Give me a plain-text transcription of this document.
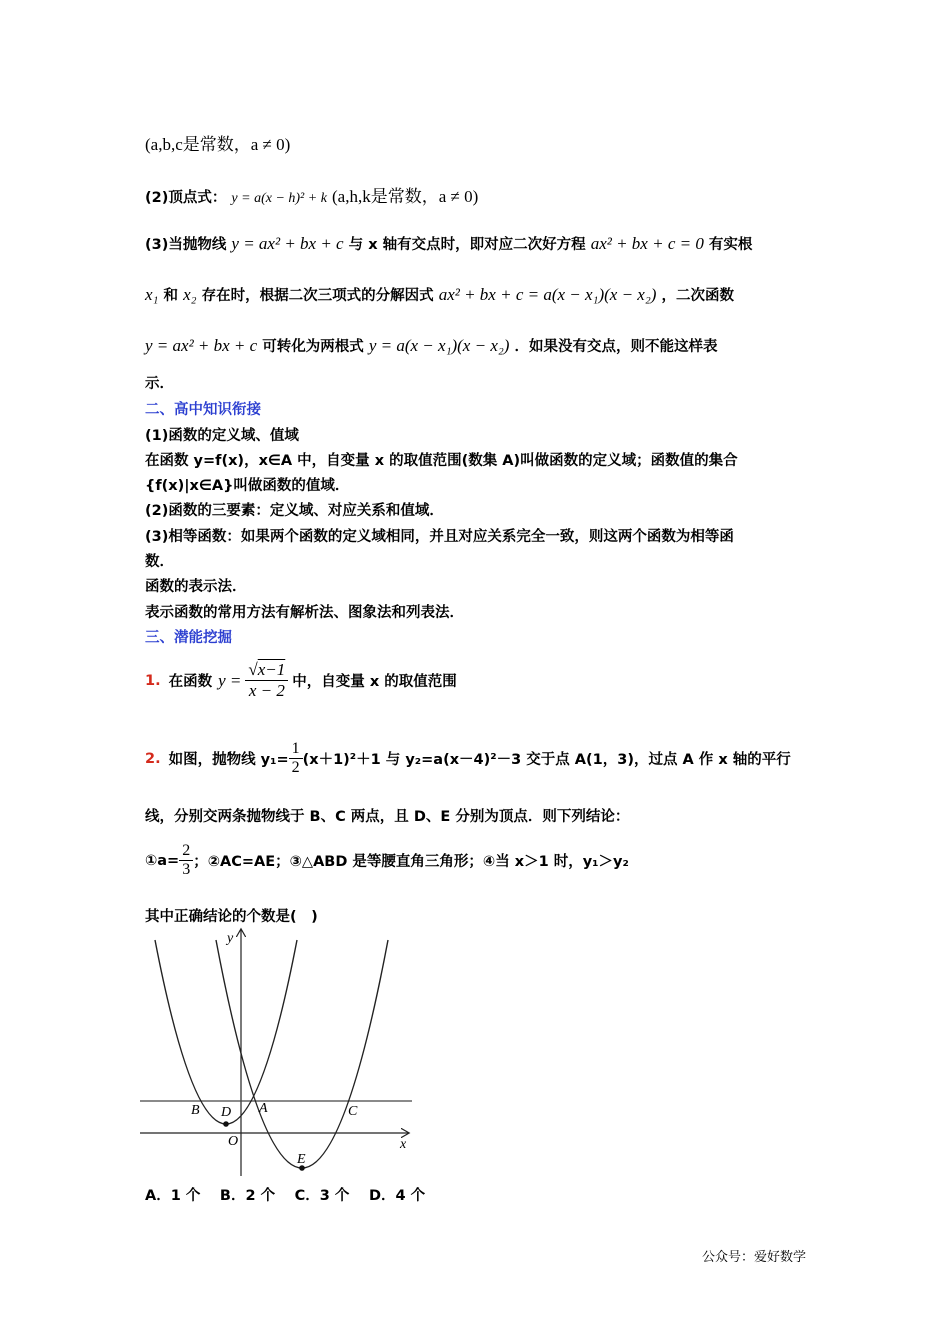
(a,b,c是常数，a ≠ 0)
(2)顶点式： y = a(x − h)² + k (a,h,k是常数，a ≠ 0)
(3)当抛物线 y = ax² + bx + c 与 x 轴有交点时，即对应二次好方程 ax² + bx + c = 0 有实根
x₁ 和 x₂ 存在时，根据二次三项式的分解因式 ax² + bx + c = a(x − x₁)(x − x₂) ，二次函数
y = ax² + bx + c 可转化为两根式 y = a(x − x₁)(x − x₂) ．如果没有交点，则不能这样表
示．
二、高中知识衔接
(1)函数的定义域、值域
在函数 y=f(x)，x∈A 中，自变量 x 的取值范围(数集 A)叫做函数的定义域；函数值的集合
{f(x)|x∈A}叫做函数的值域．
(2)函数的三要素：定义域、对应关系和值域．
(3)相等函数：如果两个函数的定义域相同，并且对应关系完全一致，则这两个函数为相等函
数．
函数的表示法．
表示函数的常用方法有解析法、图象法和列表法．
三、潜能挖掘
1. 在函数 $y = \frac{√x-1}{x - 2}$ 中，自变量 x 的取值范围
2. 如图，抛物线 $y_1= \frac{1}{2} (x+1)^2+1$ 与 y₂=a(x－4)²－3 交于点 A(1，3)，过点 A 作 x 轴的平行
线，分别交两条抛物线于 B、C 两点，且 D、E 分别为顶点．则下列结论：
①a= $\frac{2}{3}$ ；②AC=AE；③△ABD 是等腰直角三角形；④当 x＞1 时，y₁＞y₂
其中正确结论的个数是(　)
y
x
O
A
B	C
D
E
A．1 个　 B．2 个　 C．3 个　 D．4 个
公众号：爱好数学
